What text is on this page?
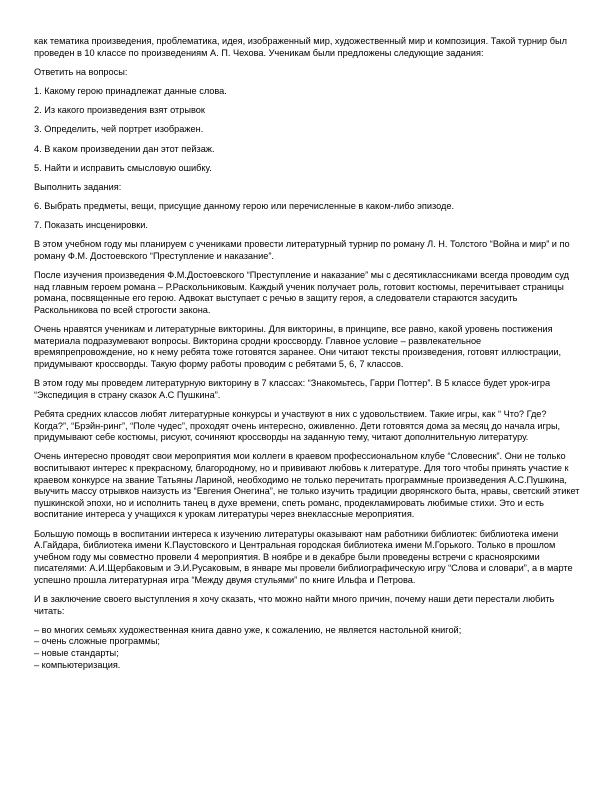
как тематика произведения, проблематика, идея, изображенный мир, художественный мир и композиция. Такой турнир был проведен в 10 классе по произведениям А. П. Чехова. Ученикам были предложены следующие задания:

Ответить на вопросы:

1. Какому герою принадлежат данные слова.

2. Из какого произведения взят отрывок

3. Определить, чей портрет изображен.

4. В каком произведении дан этот пейзаж.

5. Найти и исправить смысловую ошибку.

Выполнить задания:

6. Выбрать предметы, вещи, присущие данному герою или перечисленные в каком-либо эпизоде.

7. Показать инсценировки.

В этом учебном году мы планируем с учениками провести литературный турнир по роману Л. Н. Толстого “Война и мир” и по роману Ф.М. Достоевского “Преступление и наказание”.

После изучения произведения Ф.М.Достоевского “Преступление и наказание” мы с десятиклассниками всегда проводим суд над главным героем романа – Р.Раскольниковым. Каждый ученик получает роль, готовит костюмы, перечитывает страницы романа, посвященные его герою. Адвокат выступает с речью в защиту героя, а следователи стараются засудить Раскольникова по всей строгости закона.

Очень нравятся ученикам и литературные викторины. Для викторины, в принципе, все равно, какой уровень постижения материала подразумевают вопросы. Викторина сродни кроссворду. Главное условие – развлекательное времяпрепровождение, но к нему ребята тоже готовятся заранее. Они читают тексты произведения, готовят иллюстрации, придумывают кроссворды. Такую форму работы проводим с ребятами 5, 6, 7 классов.

В этом году мы проведем литературную викторину в 7 классах: “Знакомьтесь, Гарри Поттер”. В 5 классе будет урок-игра “Экспедиция в страну сказок А.С Пушкина”.

Ребята средних классов любят литературные конкурсы и участвуют в них с удовольствием. Такие игры, как “ Что? Где? Когда?”, “Брэйн-ринг”, “Поле чудес”, проходят очень интересно, оживленно. Дети готовятся дома за месяц до начала игры, придумывают себе костюмы, рисуют, сочиняют кроссворды на заданную тему, читают дополнительную литературу.

Очень интересно проводят свои мероприятия мои коллеги в краевом профессиональном клубе “Словесник”. Они не только воспитывают интерес к прекрасному, благородному, но и прививают любовь к литературе. Для того чтобы принять участие к краевом конкурсе на звание Татьяны Лариной, необходимо не только перечитать программные произведения А.С.Пушкина, выучить массу отрывков наизусть из “Евгения Онегина”, не только изучить традиции дворянского быта, нравы, светский этикет пушкинской эпохи, но и исполнить танец в духе времени, спеть романс, продекламировать любимые стихи. Это и есть воспитание интереса у учащихся к урокам литературы через внеклассные мероприятия.

Большую помощь в воспитании интереса к изучению литературы оказывают нам работники библиотек: библиотека имени А.Гайдара, библиотека имени К.Паустовского и Центральная городская библиотека имени М.Горького. Только в прошлом учебном году мы совместно провели 4 мероприятия. В ноябре и в декабре были проведены встречи с красноярскими писателями: А.И.Щербаковым и Э.И.Русаковым, в январе мы провели библиографическую игру “Слова и словари”, а в марте успешно прошла литературная игра “Между двумя стульями” по книге Ильфа и Петрова.

И в заключение своего выступления я хочу сказать, что можно найти много причин, почему наши дети перестали любить читать:

– во многих семьях художественная книга давно уже, к сожалению, не является настольной книгой;

– очень сложные программы;

– новые стандарты;

– компьютеризация.
